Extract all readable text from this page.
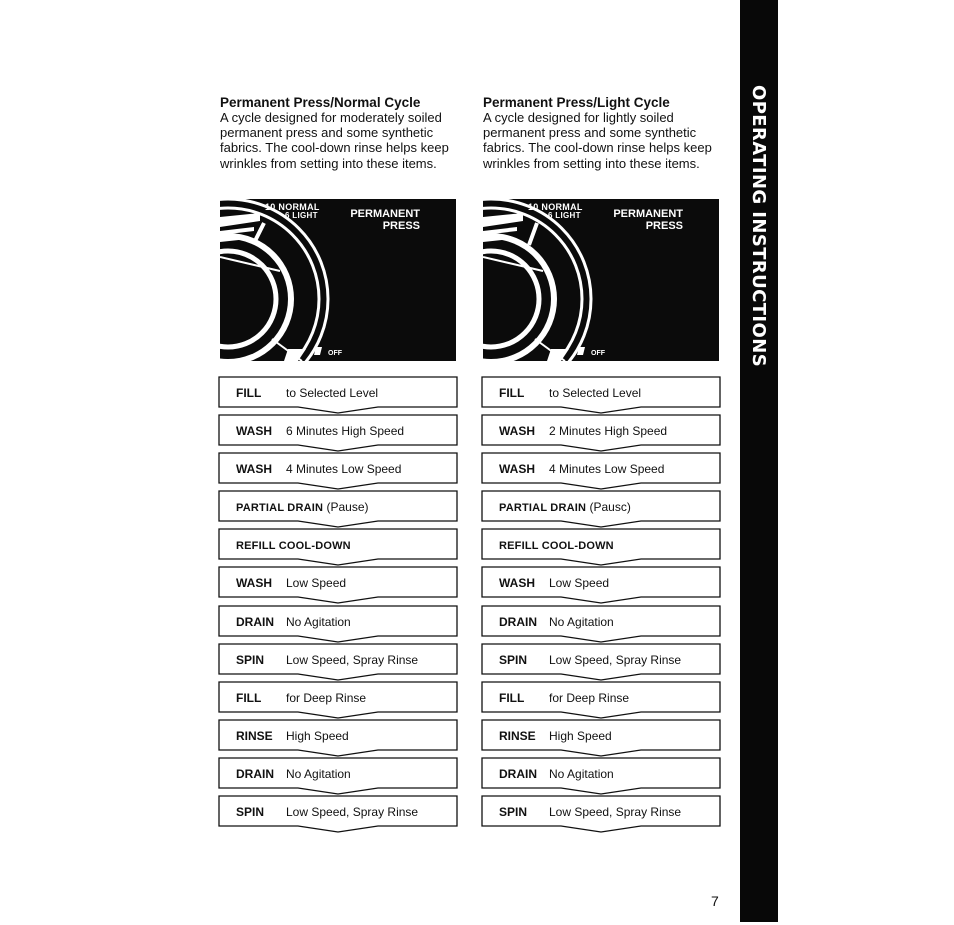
Permanent Press/Normal Cycle

A cycle designed for moderately soiled permanent press and some synthetic fabrics. The cool-down rinse helps keep wrinkles from setting into these items.

10 NORMAL
6 LIGHT	PERMANENT
PRESS
OFF
FILL to Selected Level
WASH 6 Minutes High Speed
WASH 4 Minutes Low Speed
PARTIAL DRAIN (Pause)
REFILL COOL-DOWN
WASH Low Speed
DRAIN No Agitation
SPIN Low Speed, Spray Rinse
FILL for Deep Rinse
RINSE High Speed
DRAIN No Agitation
SPIN Low Speed, Spray Rinse

Permanent Press/Light Cycle

A cycle designed for lightly soiled permanent press and some synthetic fabrics. The cool-down rinse helps keep wrinkles from setting into these items.

10 NORMAL
6 LIGHT	PERMANENT
PRESS
OFF
FILL to Selected Level
WASH 2 Minutes High Speed
WASH 4 Minutes Low Speed
PARTIAL DRAIN (Pausc)
REFILL COOL-DOWN
WASH Low Speed
DRAIN No Agitation
SPIN Low Speed, Spray Rinse
FILL for Deep Rinse
RINSE High Speed
DRAIN No Agitation
SPIN Low Speed, Spray Rinse
OPERATING INSTRUCTIONS
7
